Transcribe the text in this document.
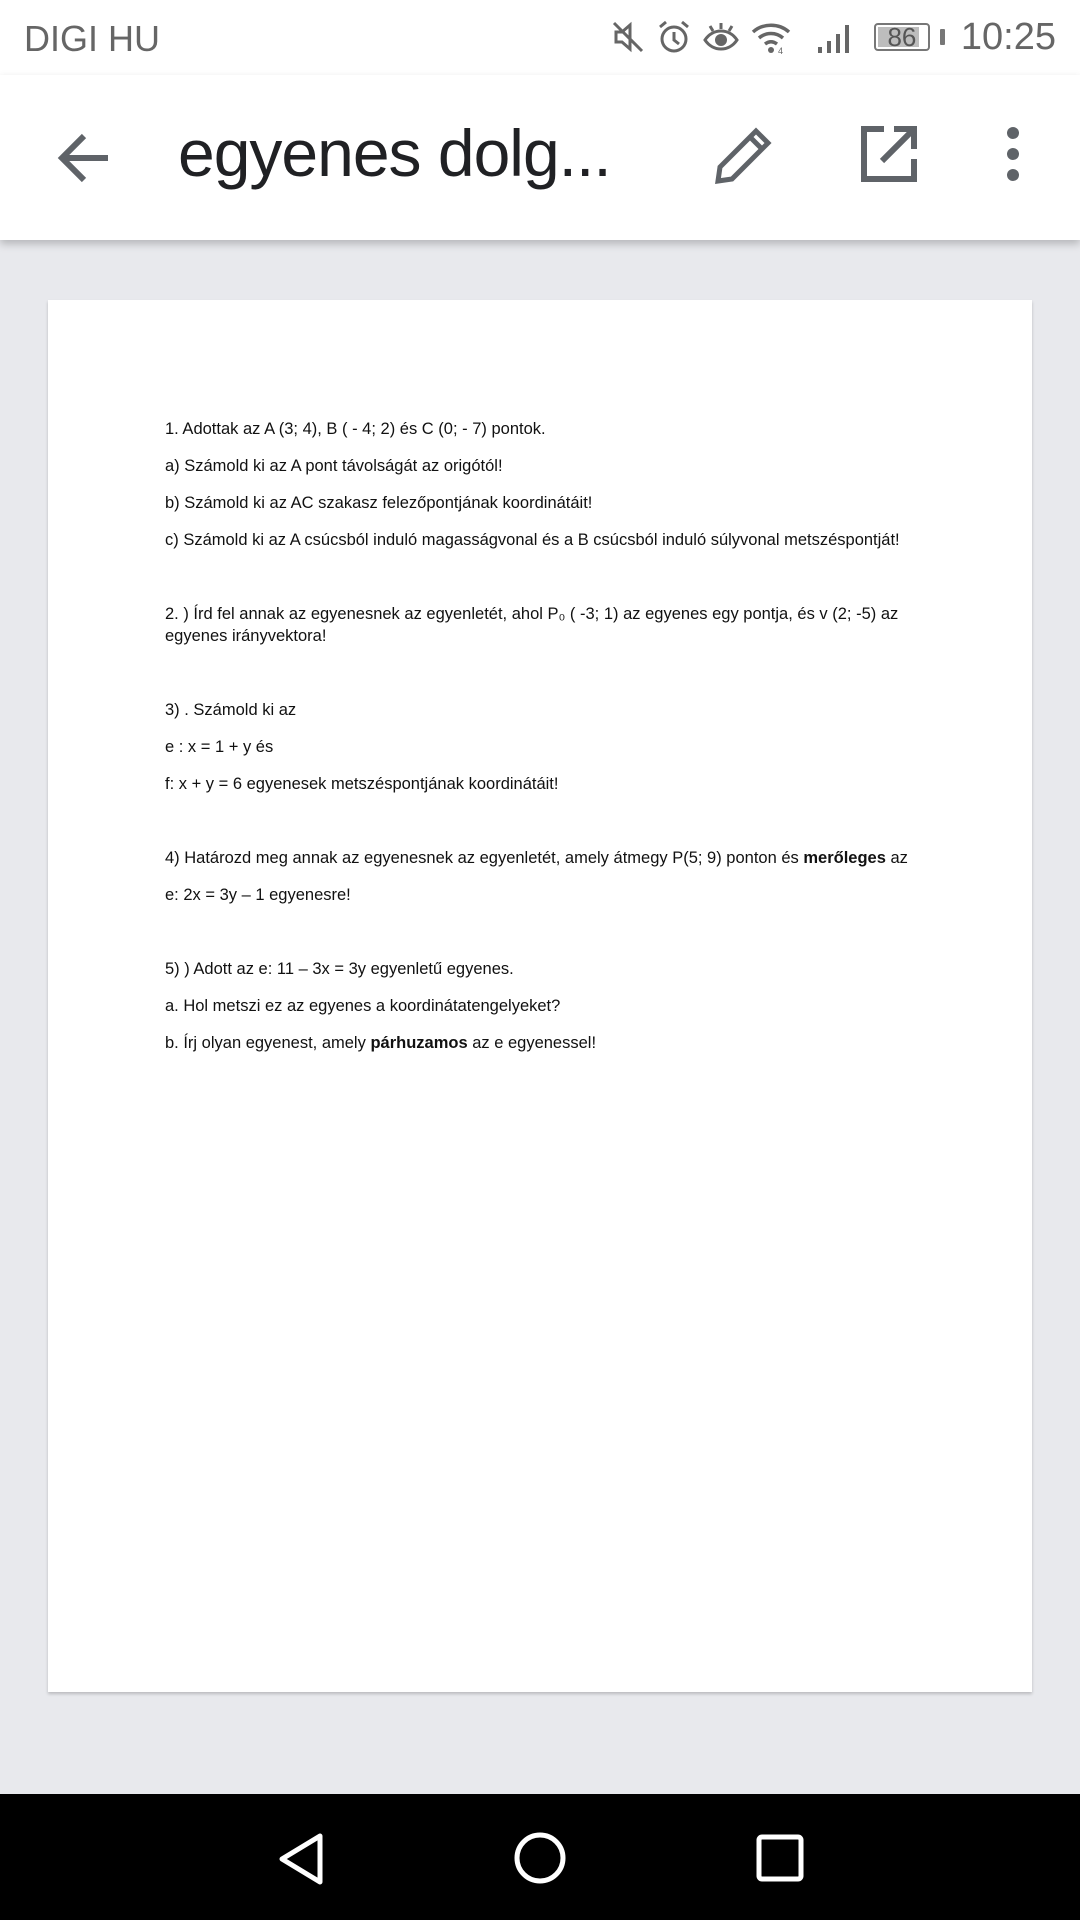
DIGI HU	4	86	10:25
egyenes dolg...

1. Adottak az A (3; 4), B ( - 4; 2) és C (0; - 7) pontok.

a) Számold ki az A pont távolságát az origótól!

b) Számold ki az AC szakasz felezőpontjának koordinátáit!

c) Számold ki az A csúcsból induló magasságvonal és a B csúcsból induló súlyvonal metszéspontját!

2. ) Írd fel annak az egyenesnek az egyenletét, ahol P₀ ( -3; 1) az egyenes egy pontja, és v (2; -5) az egyenes irányvektora!

3) . Számold ki az

e : x = 1 + y és

f: x + y = 6 egyenesek metszéspontjának koordinátáit!

4) Határozd meg annak az egyenesnek az egyenletét, amely átmegy P(5; 9) ponton és merőleges az

e: 2x = 3y – 1 egyenesre!

5) ) Adott az e: 11 – 3x = 3y egyenletű egyenes.

a. Hol metszi ez az egyenes a koordinátatengelyeket?

b. Írj olyan egyenest, amely párhuzamos az e egyenessel!
